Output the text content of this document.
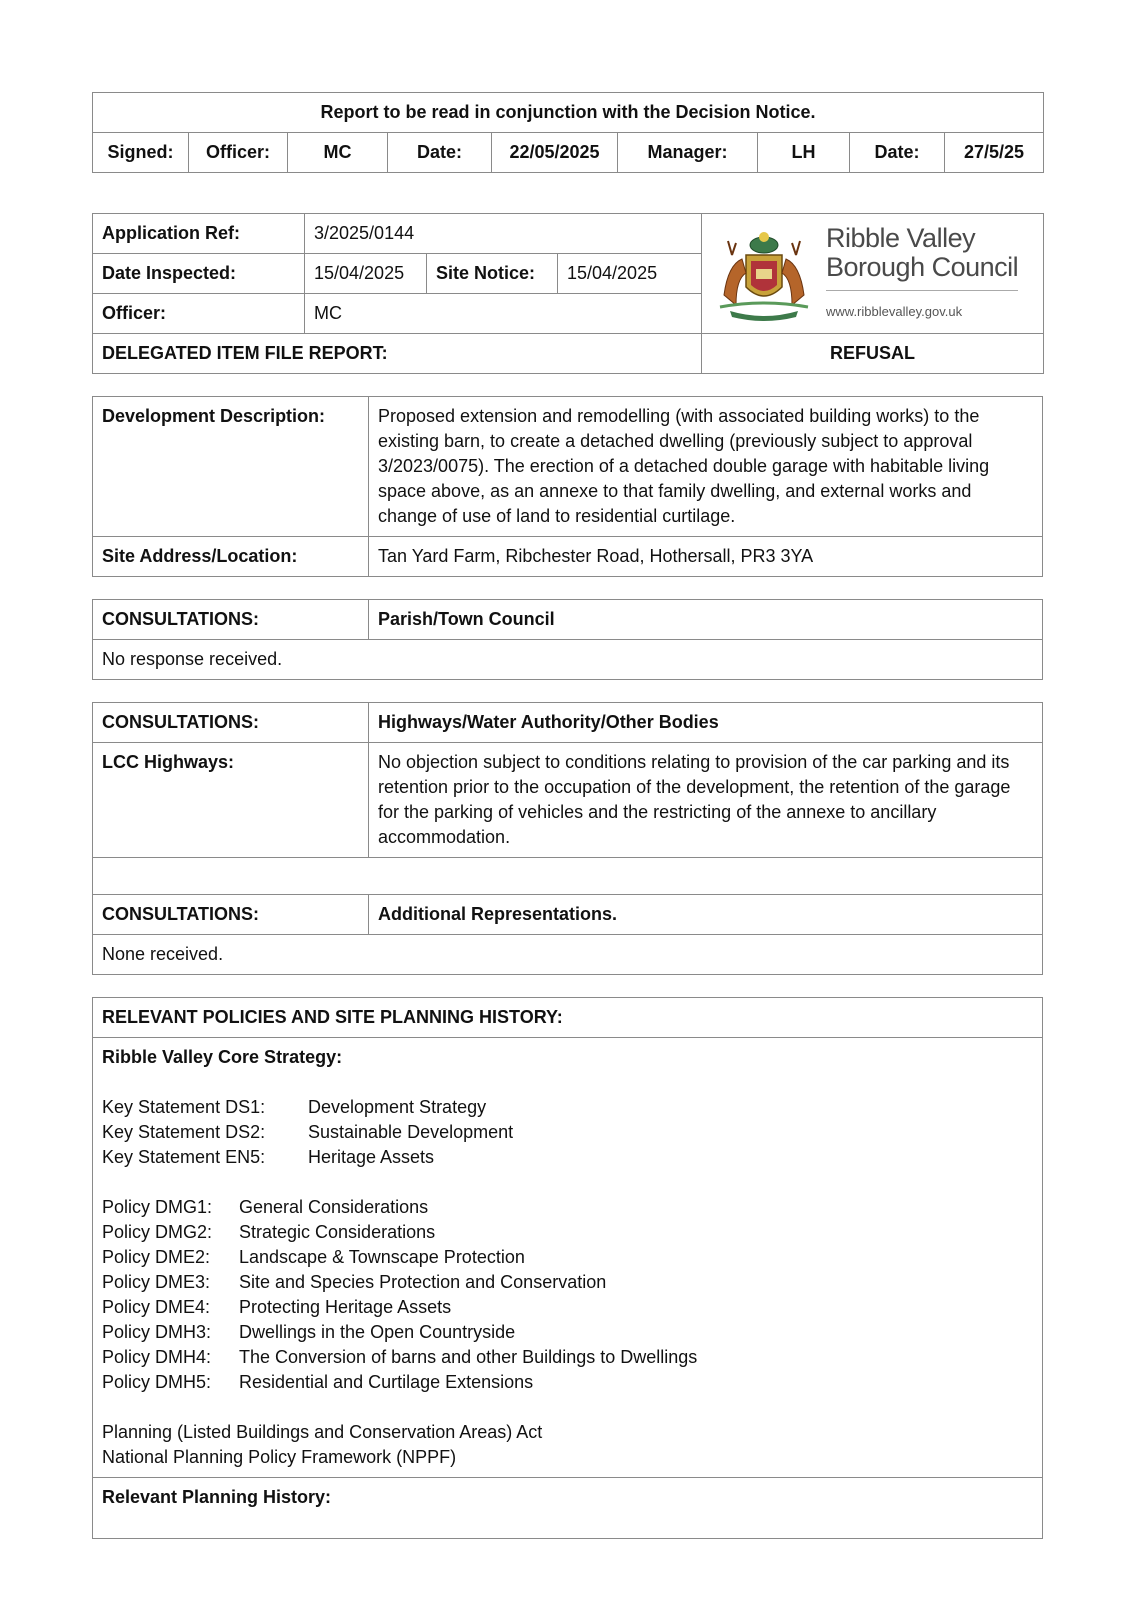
Report to be read in conjunction with the Decision Notice.
Signed:	Officer:	MC	Date:	22/05/2025	Manager:	LH	Date:	27/5/25
Application Ref:	3/2025/0144			Ribble Valley
Borough Council
www.ribblevalley.gov.uk

Date Inspected:	15/04/2025	Site Notice:	15/04/2025	
Officer:	MC			
DELEGATED ITEM FILE REPORT:				REFUSAL
Development Description:	Proposed extension and remodelling (with associated building works) to the existing barn, to create a detached dwelling (previously subject to approval 3/2023/0075). The erection of a detached double garage with habitable living space above, as an annexe to that family dwelling, and external works and change of use of land to residential curtilage.
Site Address/Location:	Tan Yard Farm, Ribchester Road, Hothersall, PR3 3YA
CONSULTATIONS:	Parish/Town Council
No response received.
CONSULTATIONS:	Highways/Water Authority/Other Bodies
LCC Highways:	No objection subject to conditions relating to provision of the car parking and its retention prior to the occupation of the development, the retention of the garage for the parking of vehicles and the restricting of the annexe to ancillary accommodation.

CONSULTATIONS:	Additional Representations.
None received.	
RELEVANT POLICIES AND SITE PLANNING HISTORY:

Ribble Valley Core Strategy:
Key Statement DS1:	Development Strategy
Key Statement DS2:	Sustainable Development
Key Statement EN5:	Heritage Assets
Policy DMG1:	General Considerations
Policy DMG2:	Strategic Considerations
Policy DME2:	Landscape & Townscape Protection
Policy DME3:	Site and Species Protection and Conservation
Policy DME4:	Protecting Heritage Assets
Policy DMH3:	Dwellings in the Open Countryside
Policy DMH4:	The Conversion of barns and other Buildings to Dwellings
Policy DMH5:	Residential and Curtilage Extensions
Planning (Listed Buildings and Conservation Areas) Act
National Planning Policy Framework (NPPF)

Relevant Planning History:
